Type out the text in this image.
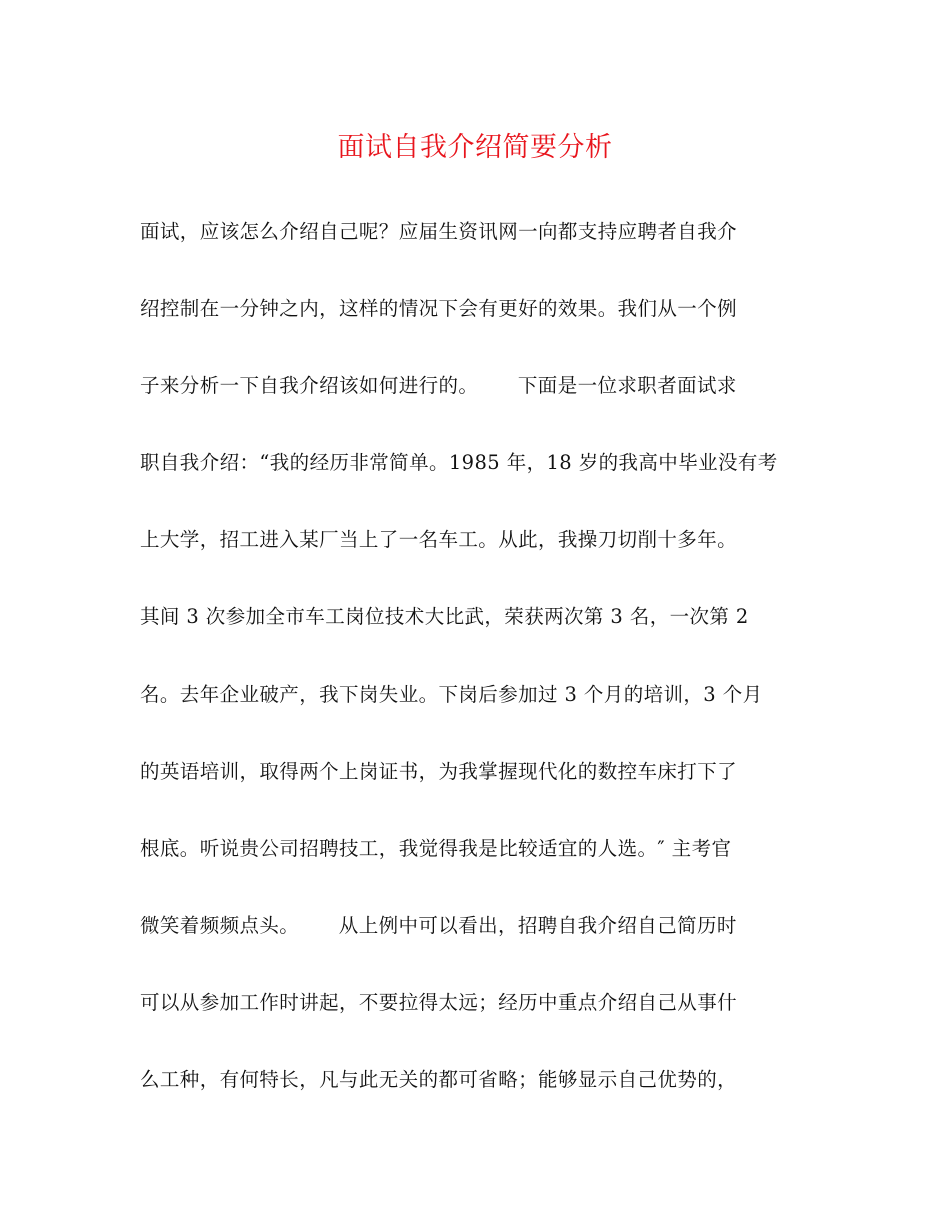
面试自我介绍简要分析
面试，应该怎么介绍自己呢？应届生资讯网一向都支持应聘者自我介
绍控制在一分钟之内，这样的情况下会有更好的效果。我们从一个例
子来分析一下自我介绍该如何进行的。      下面是一位求职者面试求
职自我介绍：“我的经历非常简单。1985 年，18 岁的我高中毕业没有考
上大学，招工进入某厂当上了一名车工。从此，我操刀切削十多年。
其间 3 次参加全市车工岗位技术大比武，荣获两次第 3 名，一次第 2
名。去年企业破产，我下岗失业。下岗后参加过 3 个月的培训，3 个月
的英语培训，取得两个上岗证书，为我掌握现代化的数控车床打下了
根底。听说贵公司招聘技工，我觉得我是比较适宜的人选。″ 主考官
微笑着频频点头。      从上例中可以看出，招聘自我介绍自己简历时
可以从参加工作时讲起，不要拉得太远；经历中重点介绍自己从事什
么工种，有何特长，凡与此无关的都可省略；能够显示自己优势的，
